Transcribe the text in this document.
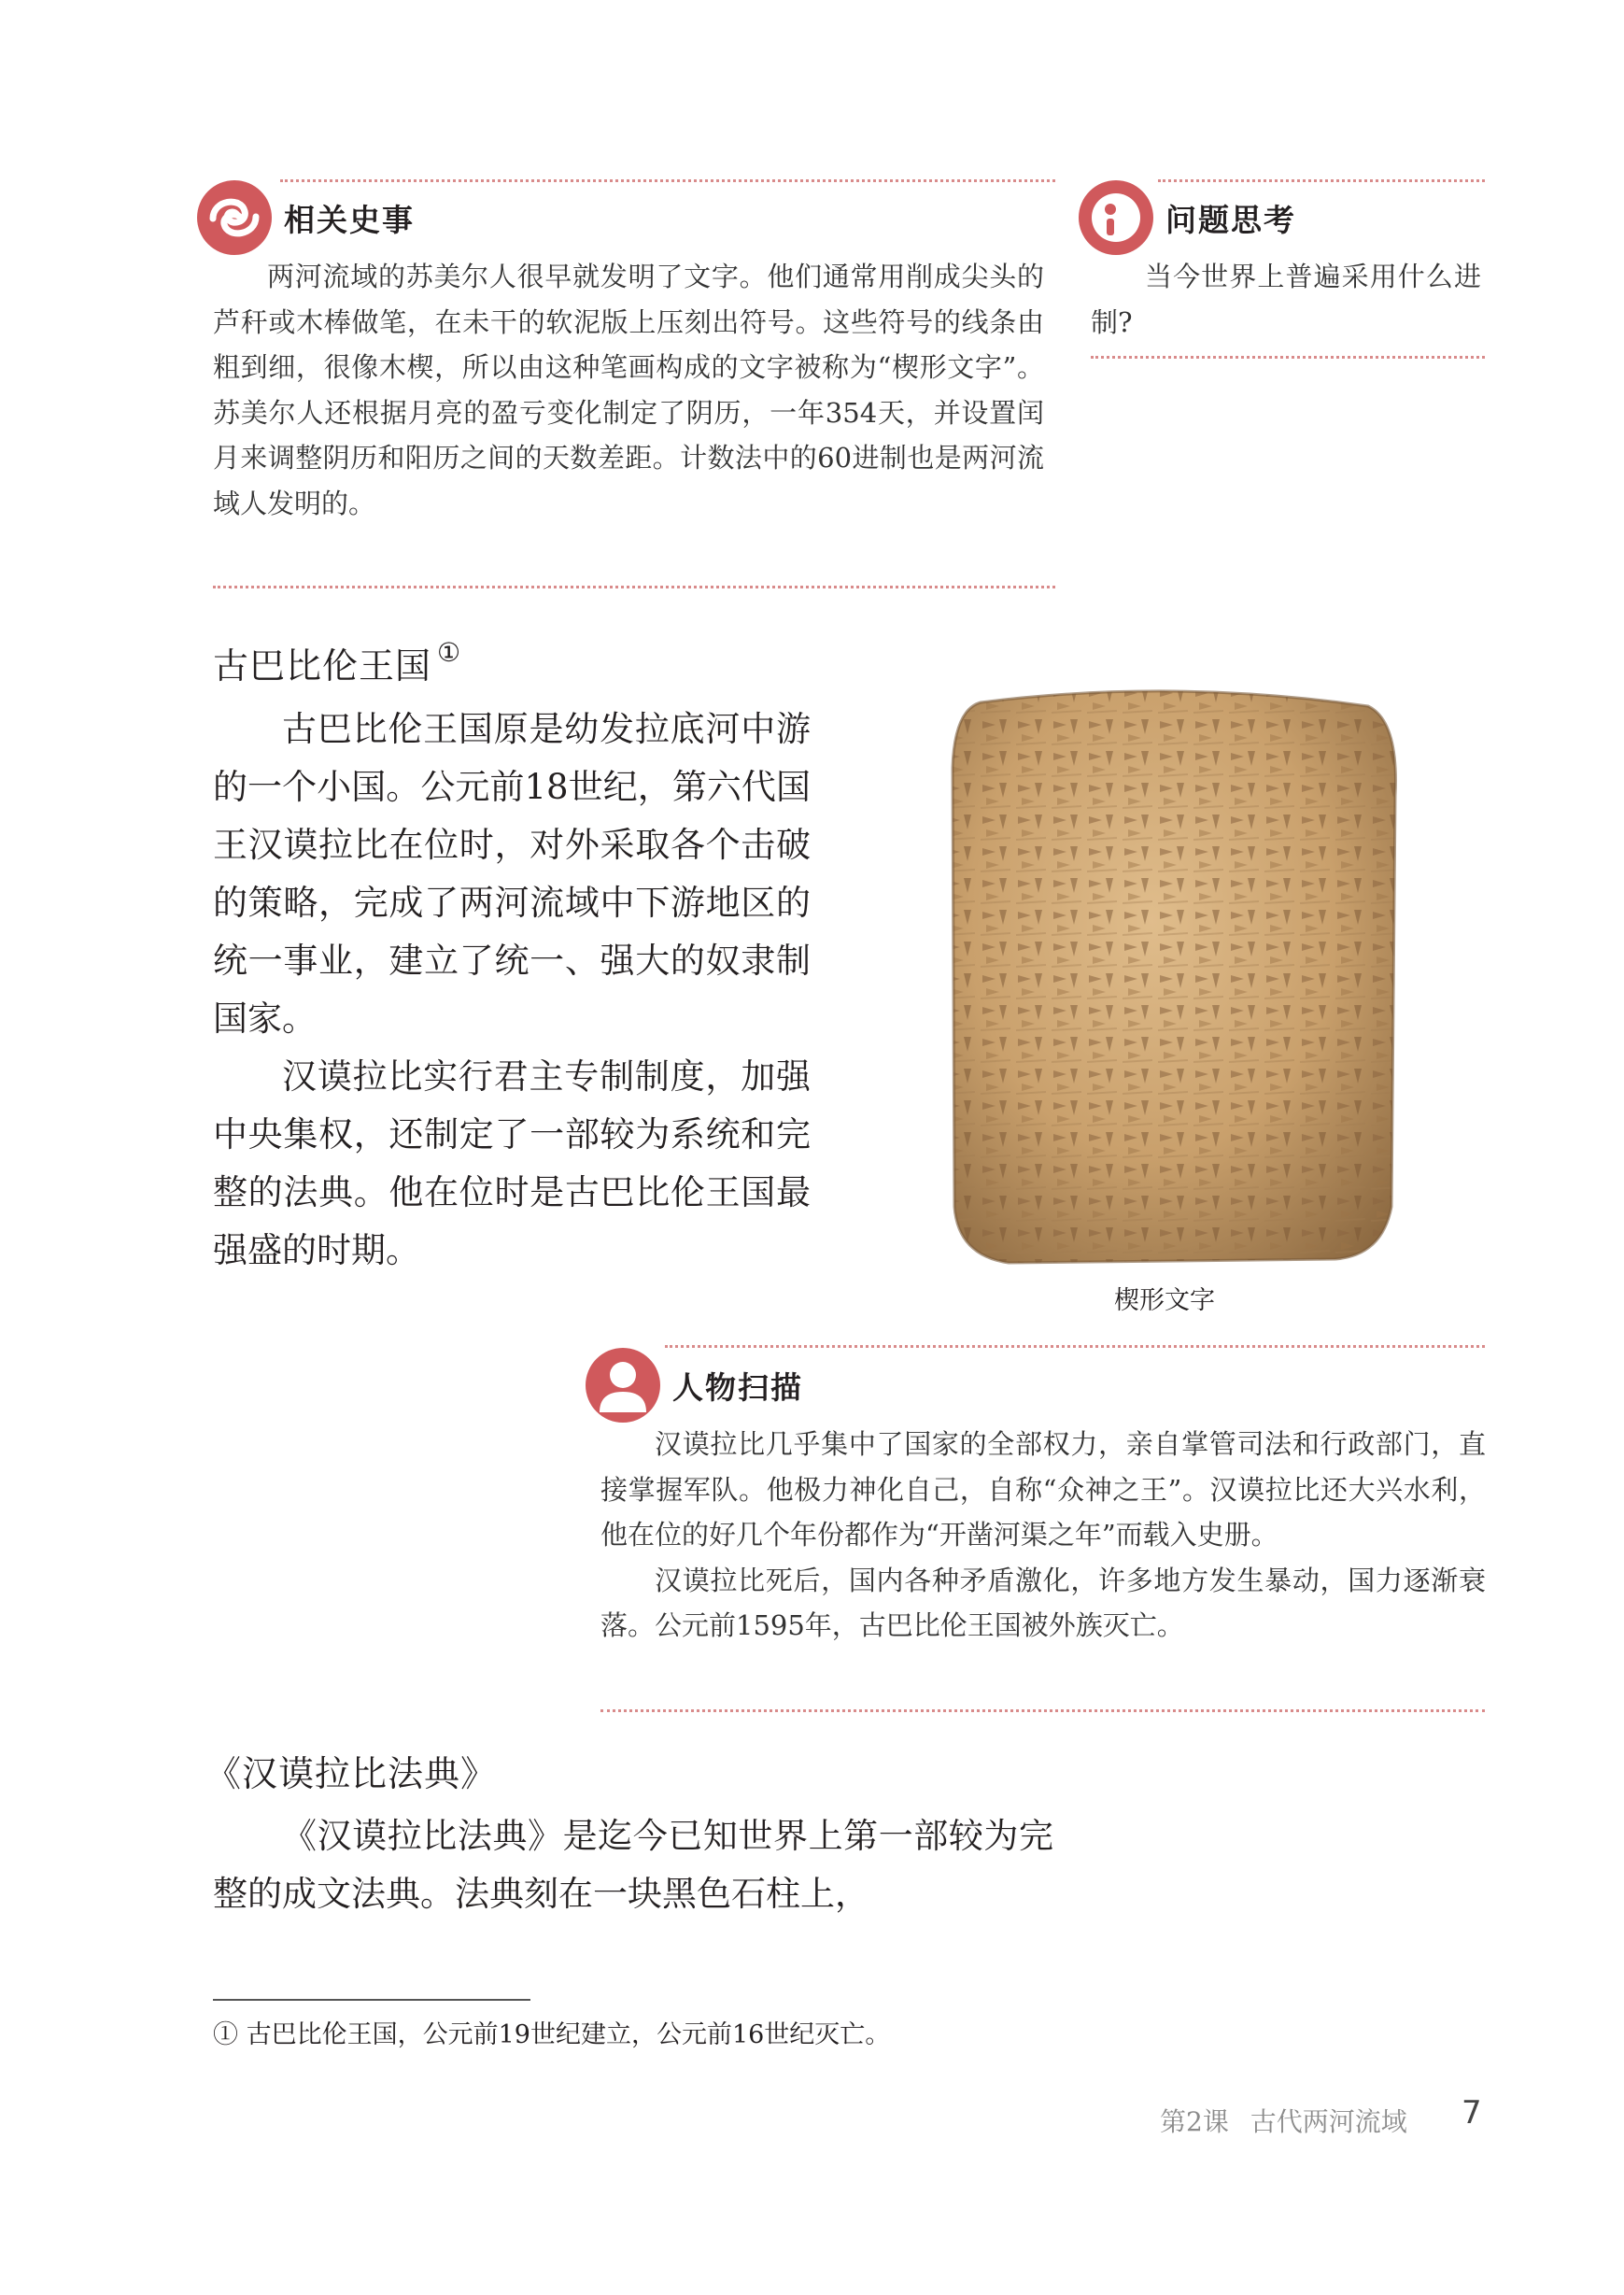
相关史事

两河流域的苏美尔人很早就发明了文字。他们通常用削成尖头的芦秆或木棒做笔，在未干的软泥版上压刻出符号。这些符号的线条由粗到细，很像木楔，所以由这种笔画构成的文字被称为“楔形文字”。苏美尔人还根据月亮的盈亏变化制定了阴历，一年354天，并设置闰月来调整阴历和阳历之间的天数差距。计数法中的60进制也是两河流域人发明的。

问题思考

当今世界上普遍采用什么进制?

古巴比伦王国 ①

古巴比伦王国原是幼发拉底河中游的一个小国。公元前18世纪，第六代国王汉谟拉比在位时，对外采取各个击破的策略，完成了两河流域中下游地区的统一事业，建立了统一、强大的奴隶制国家。

汉谟拉比实行君主专制制度，加强中央集权，还制定了一部较为系统和完整的法典。他在位时是古巴比伦王国最强盛的时期。

楔形文字
人物扫描

汉谟拉比几乎集中了国家的全部权力，亲自掌管司法和行政部门，直接掌握军队。他极力神化自己，自称“众神之王”。汉谟拉比还大兴水利，他在位的好几个年份都作为“开凿河渠之年”而载入史册。

汉谟拉比死后，国内各种矛盾激化，许多地方发生暴动，国力逐渐衰落。公元前1595年，古巴比伦王国被外族灭亡。

《汉谟拉比法典》

《汉谟拉比法典》是迄今已知世界上第一部较为完整的成文法典。法典刻在一块黑色石柱上，

① 古巴比伦王国，公元前19世纪建立，公元前16世纪灭亡。
第2课 古代两河流域 7
